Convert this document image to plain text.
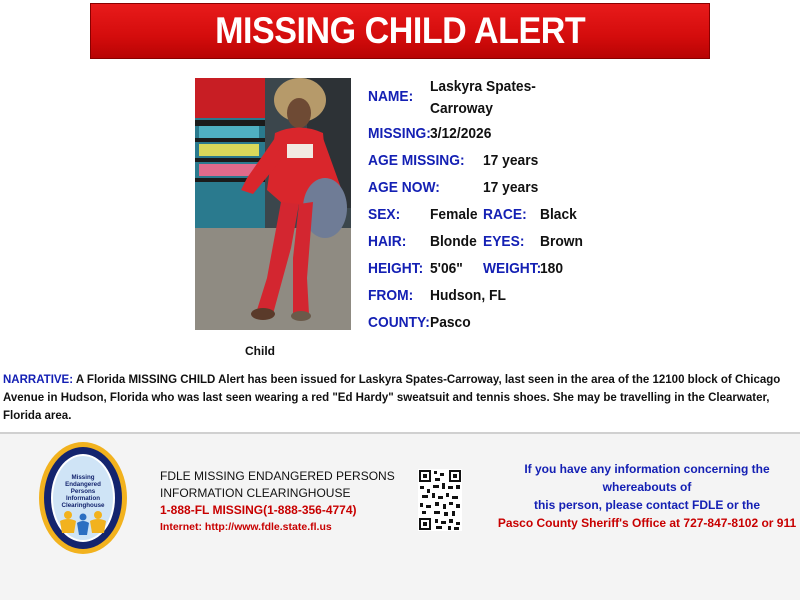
MISSING CHILD ALERT
Child
NAME:
Laskyra Spates-
Carroway
MISSING: 3/12/2026
AGE MISSING: 17 years
AGE NOW:	17 years
SEX: Female RACE: Black
HAIR: Blonde EYES: Brown
HEIGHT: 5'06" WEIGHT:
180
FROM: Hudson, FL
COUNTY: Pasco
NARRATIVE: A Florida MISSING CHILD Alert has been issued for Laskyra Spates-Carroway, last seen in the area of the 12100 block of Chicago Avenue in Hudson, Florida who was last seen wearing a red "Ed Hardy" sweatsuit and tennis shoes. She may be travelling in the Clearwater, Florida area.
Missing
Endangered
Persons
Information
Clearinghouse
FDLE MISSING ENDANGERED PERSONS
INFORMATION CLEARINGHOUSE
1-888-FL MISSING(1-888-356-4774)
Internet: http://www.fdle.state.fl.us
If you have any information concerning the whereabouts of
this person, please contact FDLE or the
Pasco County Sheriff's Office at 727-847-8102 or 911
